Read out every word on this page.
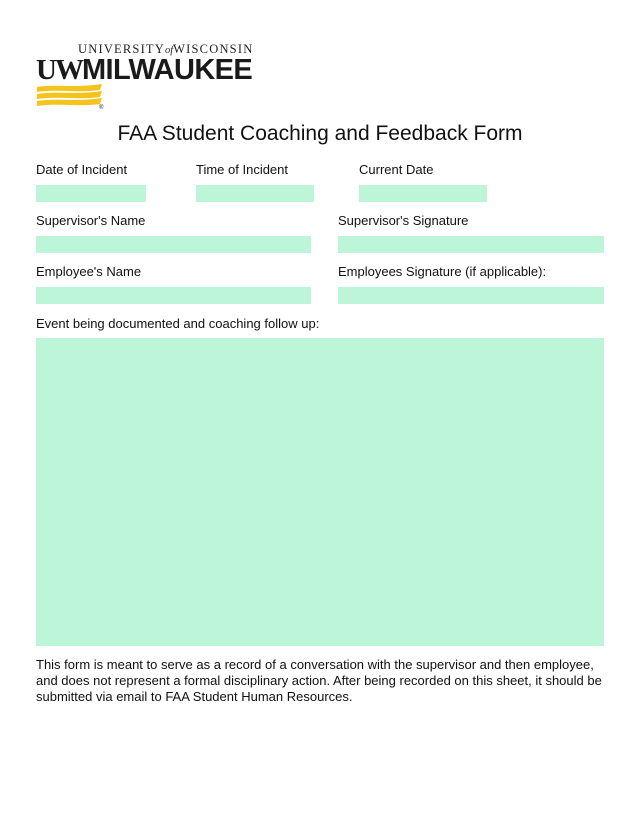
UNIVERSITYofWISCONSIN
UWMILWAUKEE
®
FAA Student Coaching and Feedback Form
Date of Incident	Time of Incident	Current Date
Supervisor's Name	Supervisor's Signature
Employee's Name	Employees Signature (if applicable):
Event being documented and coaching follow up:
This form is meant to serve as a record of a conversation with the supervisor and then employee, and does not represent a formal disciplinary action. After being recorded on this sheet, it should be submitted via email to FAA Student Human Resources.
